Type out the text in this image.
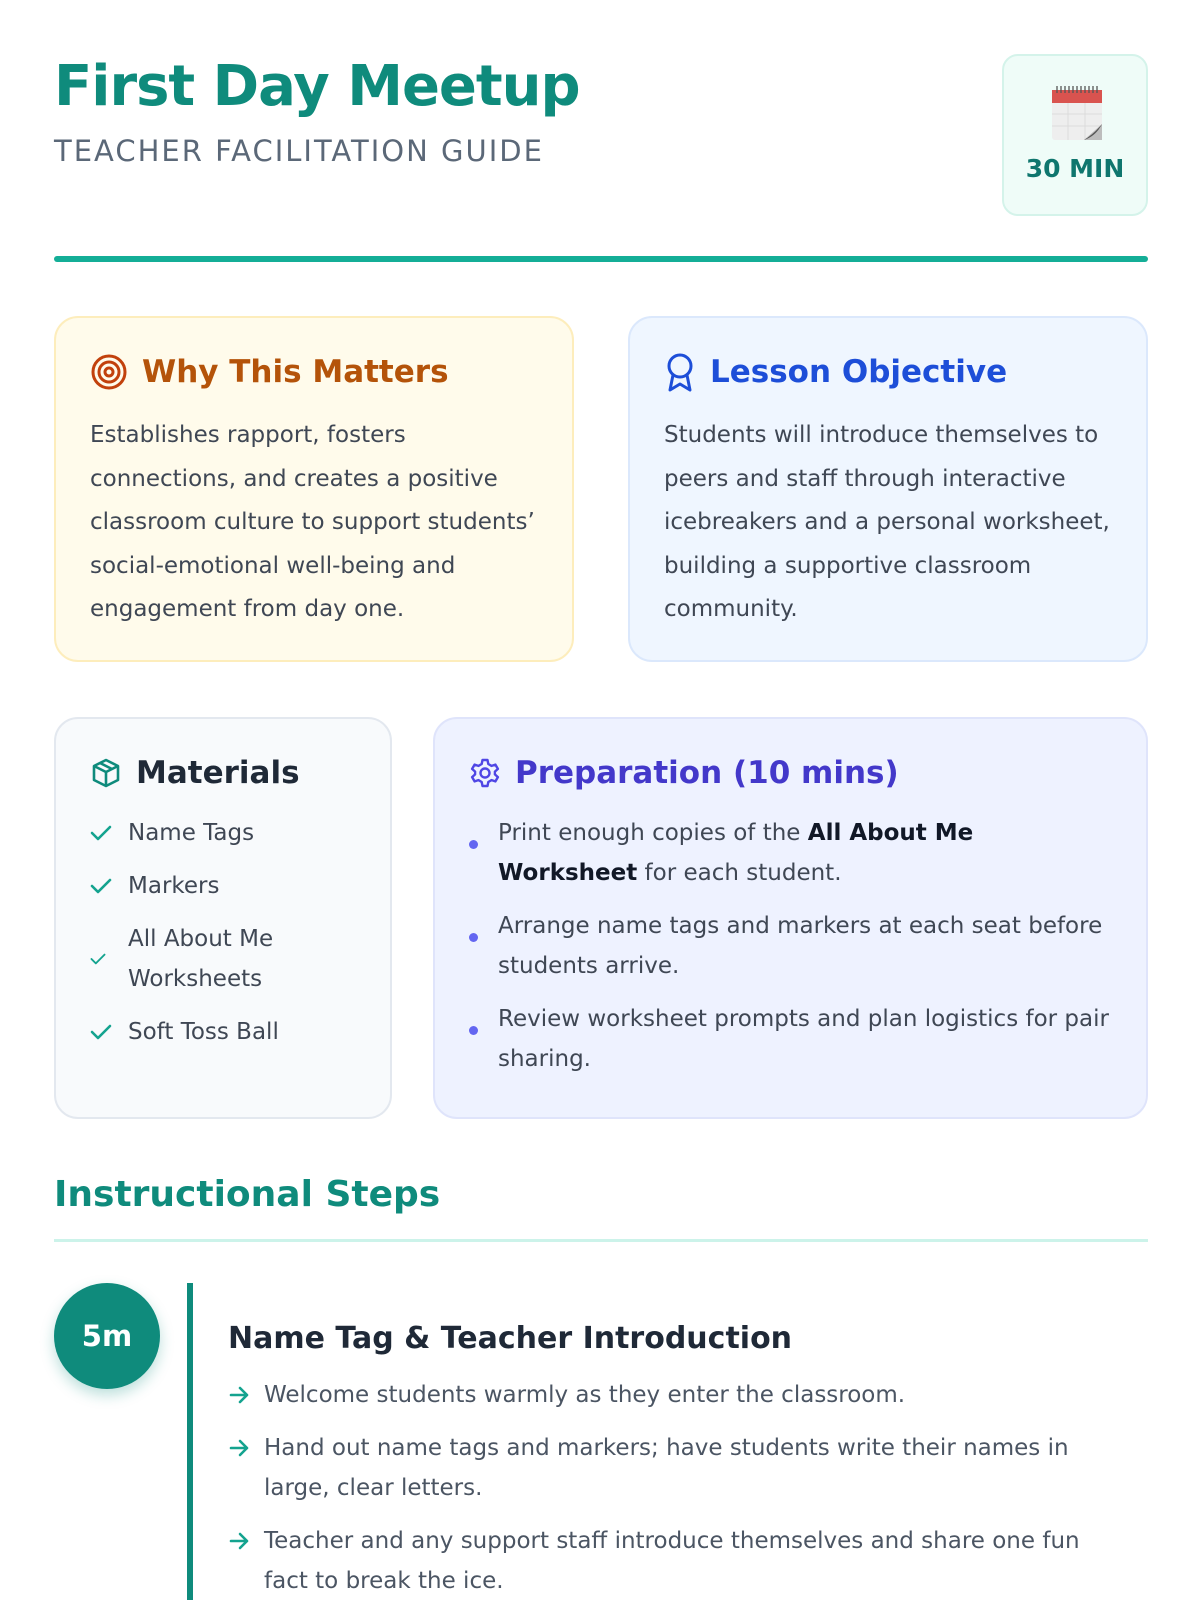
First Day Meetup
TEACHER FACILITATION GUIDE
30 MIN
Why This Matters

Establishes rapport, fosters connections, and creates a positive classroom culture to support students’ social-emotional well-being and engagement from day one.

Lesson Objective

Students will introduce themselves to peers and staff through interactive icebreakers and a personal worksheet, building a supportive classroom community.

Materials
Name Tags
Markers
All About Me Worksheets
Soft Toss Ball
Preparation (10 mins)
Print enough copies of the All About Me Worksheet for each student.
Arrange name tags and markers at each seat before students arrive.
Review worksheet prompts and plan logistics for pair sharing.
Instructional Steps
5m	Name Tag & Teacher Introduction
Welcome students warmly as they enter the classroom.
Hand out name tags and markers; have students write their names in large, clear letters.
Teacher and any support staff introduce themselves and share one fun fact to break the ice.
